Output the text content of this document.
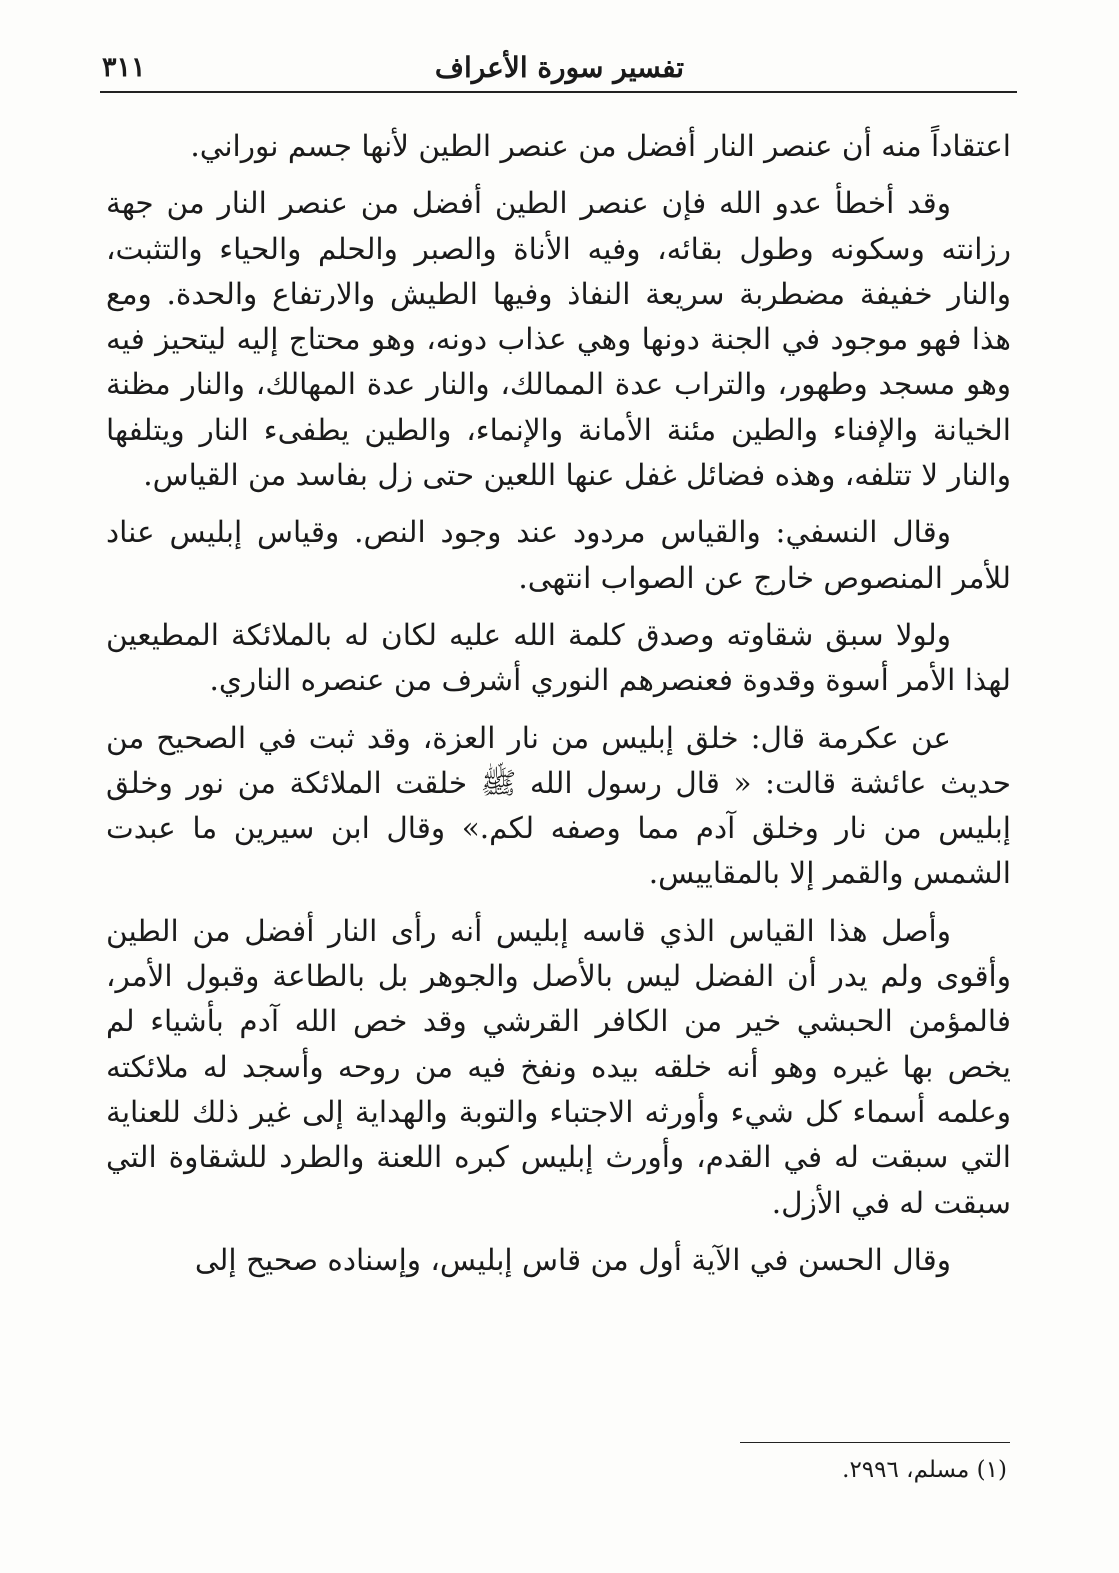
تفسير سورة الأعراف
٣١١

اعتقاداً منه أن عنصر النار أفضل من عنصر الطين لأنها جسم نوراني.

وقد أخطأ عدو الله فإن عنصر الطين أفضل من عنصر النار من جهة رزانته وسكونه وطول بقائه، وفيه الأناة والصبر والحلم والحياء والتثبت، والنار خفيفة مضطربة سريعة النفاذ وفيها الطيش والارتفاع والحدة. ومع هذا فهو موجود في الجنة دونها وهي عذاب دونه، وهو محتاج إليه ليتحيز فيه وهو مسجد وطهور، والتراب عدة الممالك، والنار عدة المهالك، والنار مظنة الخيانة والإفناء والطين مئنة الأمانة والإنماء، والطين يطفىء النار ويتلفها والنار لا تتلفه، وهذه فضائل غفل عنها اللعين حتى زل بفاسد من القياس.

وقال النسفي: والقياس مردود عند وجود النص. وقياس إبليس عناد للأمر المنصوص خارج عن الصواب انتهى.

ولولا سبق شقاوته وصدق كلمة الله عليه لكان له بالملائكة المطيعين لهذا الأمر أسوة وقدوة فعنصرهم النوري أشرف من عنصره الناري.

عن عكرمة قال: خلق إبليس من نار العزة، وقد ثبت في الصحيح من حديث عائشة قالت: « قال رسول الله ﷺ خلقت الملائكة من نور وخلق إبليس من نار وخلق آدم مما وصفه لكم.» وقال ابن سيرين ما عبدت الشمس والقمر إلا بالمقاييس.

وأصل هذا القياس الذي قاسه إبليس أنه رأى النار أفضل من الطين وأقوى ولم يدر أن الفضل ليس بالأصل والجوهر بل بالطاعة وقبول الأمر، فالمؤمن الحبشي خير من الكافر القرشي وقد خص الله آدم بأشياء لم يخص بها غيره وهو أنه خلقه بيده ونفخ فيه من روحه وأسجد له ملائكته وعلمه أسماء كل شيء وأورثه الاجتباء والتوبة والهداية إلى غير ذلك للعناية التي سبقت له في القدم، وأورث إبليس كبره اللعنة والطرد للشقاوة التي سبقت له في الأزل.

وقال الحسن في الآية أول من قاس إبليس، وإسناده صحيح إلى

(١) مسلم، ٢٩٩٦.
